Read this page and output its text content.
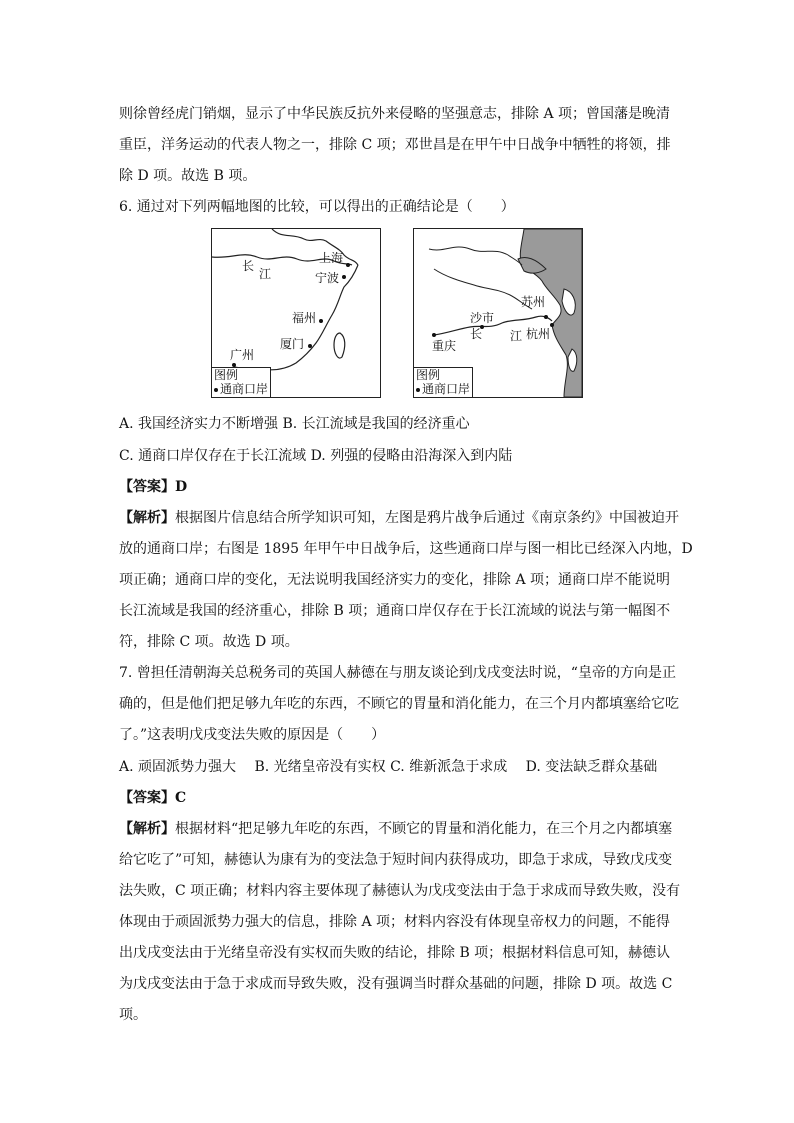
则徐曾经虎门销烟，显示了中华民族反抗外来侵略的坚强意志，排除 A 项；曾国藩是晚清
重臣，洋务运动的代表人物之一，排除 C 项；邓世昌是在甲午中日战争中牺牲的将领，排
除 D 项。故选 B 项。
6. 通过对下列两幅地图的比较，可以得出的正确结论是（　　）
长
江
上海
宁波
福州
厦门
广州
图例
通商口岸
苏州
沙市
长 江 杭州
重庆
图例
通商口岸
A. 我国经济实力不断增强 B. 长江流域是我国的经济重心
C. 通商口岸仅存在于长江流域 D. 列强的侵略由沿海深入到内陆
【答案】D
【解析】根据图片信息结合所学知识可知，左图是鸦片战争后通过《南京条约》中国被迫开
放的通商口岸；右图是 1895 年甲午中日战争后，这些通商口岸与图一相比已经深入内地，D
项正确；通商口岸的变化，无法说明我国经济实力的变化，排除 A 项；通商口岸不能说明
长江流域是我国的经济重心，排除 B 项；通商口岸仅存在于长江流域的说法与第一幅图不
符，排除 C 项。故选 D 项。
7. 曾担任清朝海关总税务司的英国人赫德在与朋友谈论到戊戌变法时说，“皇帝的方向是正
确的，但是他们把足够九年吃的东西，不顾它的胃量和消化能力，在三个月内都填塞给它吃
了。”这表明戊戌变法失败的原因是（　　）
A. 顽固派势力强大　 B. 光绪皇帝没有实权 C. 维新派急于求成　 D. 变法缺乏群众基础
【答案】C
【解析】根据材料“把足够九年吃的东西，不顾它的胃量和消化能力，在三个月之内都填塞
给它吃了”可知，赫德认为康有为的变法急于短时间内获得成功，即急于求成，导致戊戌变
法失败，C 项正确；材料内容主要体现了赫德认为戊戌变法由于急于求成而导致失败，没有
体现由于顽固派势力强大的信息，排除 A 项；材料内容没有体现皇帝权力的问题，不能得
出戊戌变法由于光绪皇帝没有实权而失败的结论，排除 B 项；根据材料信息可知，赫德认
为戊戌变法由于急于求成而导致失败，没有强调当时群众基础的问题，排除 D 项。故选 C
项。
